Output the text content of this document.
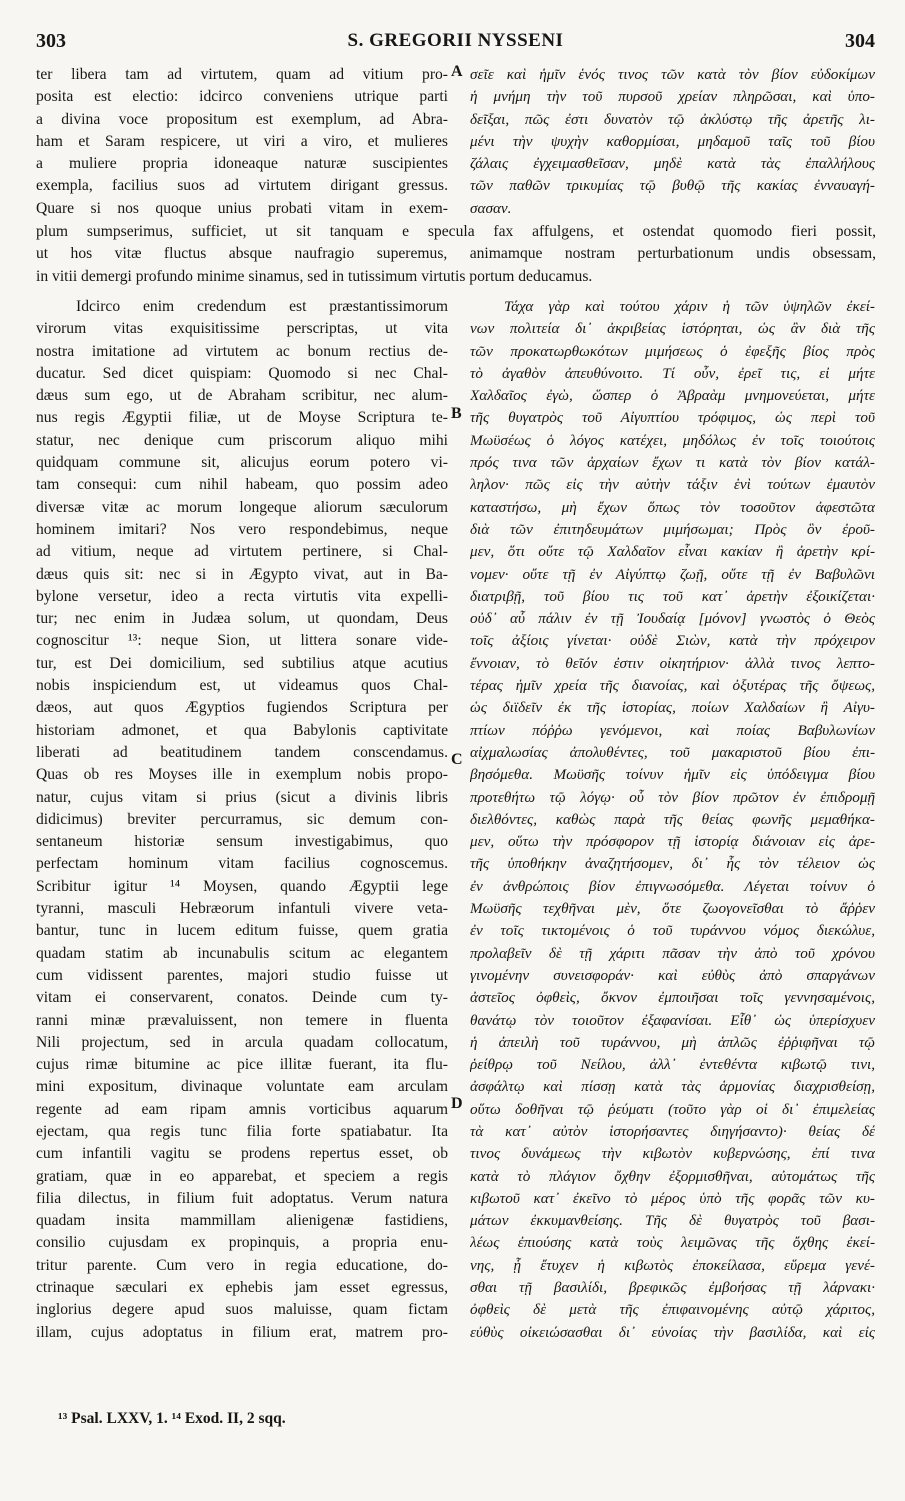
303	S. GREGORII NYSSENI	304
ter libera tam ad virtutem, quam ad vitium pro-
posita est electio: idcirco conveniens utrique parti
a divina voce propositum est exemplum, ad Abra-
ham et Saram respicere, ut viri a viro, et mulieres
a muliere propria idoneaque naturæ suscipientes
exempla, facilius suos ad virtutem dirigant gressus.
Quare si nos quoque unius probati vitam in exem-
σεῖε καὶ ἡμῖν ἑνός τινος τῶν κατὰ τὸν βίον εὐδοκίμων
ἡ μνήμη τὴν τοῦ πυρσοῦ χρείαν πληρῶσαι, καὶ ὑπο-
δεῖξαι, πῶς ἐστι δυνατὸν τῷ ἀκλύστῳ τῆς ἀρετῆς λι-
μένι τὴν ψυχὴν καθορμίσαι, μηδαμοῦ ταῖς τοῦ βίου
ζάλαις ἐγχειμασθεῖσαν, μηδὲ κατὰ τὰς ἐπαλλήλους
τῶν παθῶν τρικυμίας τῷ βυθῷ τῆς κακίας ἐνναυαγή-
σασαν.
plum sumpserimus, sufficiet, ut sit tanquam e specula fax affulgens, et ostendat quomodo fieri possit,
ut hos vitæ fluctus absque naufragio superemus, animamque nostram perturbationum undis obsessam,
in vitii demergi profundo minime sinamus, sed in tutissimum virtutis portum deducamus.
Idcirco enim credendum est præstantissimorum
virorum vitas exquisitissime perscriptas, ut vita
nostra imitatione ad virtutem ac bonum rectius de-
ducatur. Sed dicet quispiam: Quomodo si nec Chal-
dæus sum ego, ut de Abraham scribitur, nec alum-
nus regis Ægyptii filiæ, ut de Moyse Scriptura te-
statur, nec denique cum priscorum aliquo mihi
quidquam commune sit, alicujus eorum potero vi-
tam consequi: cum nihil habeam, quo possim adeo
diversæ vitæ ac morum longeque aliorum sæculorum
hominem imitari? Nos vero respondebimus, neque
ad vitium, neque ad virtutem pertinere, si Chal-
dæus quis sit: nec si in Ægypto vivat, aut in Ba-
bylone versetur, ideo a recta virtutis vita expelli-
tur; nec enim in Judæa solum, ut quondam, Deus
cognoscitur ¹³: neque Sion, ut littera sonare vide-
tur, est Dei domicilium, sed subtilius atque acutius
nobis inspiciendum est, ut videamus quos Chal-
dæos, aut quos Ægyptios fugiendos Scriptura per
historiam admonet, et qua Babylonis captivitate
liberati ad beatitudinem tandem conscendamus.
Quas ob res Moyses ille in exemplum nobis propo-
natur, cujus vitam si prius (sicut a divinis libris
didicimus) breviter percurramus, sic demum con-
sentaneum historiæ sensum investigabimus, quo
perfectam hominum vitam facilius cognoscemus.
Scribitur igitur ¹⁴ Moysen, quando Ægyptii lege
tyranni, masculi Hebræorum infantuli vivere veta-
bantur, tunc in lucem editum fuisse, quem gratia
quadam statim ab incunabulis scitum ac elegantem
cum vidissent parentes, majori studio fuisse ut
vitam ei conservarent, conatos. Deinde cum ty-
ranni minæ prævaluissent, non temere in fluenta
Nili projectum, sed in arcula quadam collocatum,
cujus rimæ bitumine ac pice illitæ fuerant, ita flu-
mini expositum, divinaque voluntate eam arculam
regente ad eam ripam amnis vorticibus aquarum
ejectam, qua regis tunc filia forte spatiabatur. Ita
cum infantili vagitu se prodens repertus esset, ob
gratiam, quæ in eo apparebat, et speciem a regis
filia dilectus, in filium fuit adoptatus. Verum natura
quadam insita mammillam alienigenæ fastidiens,
consilio cujusdam ex propinquis, a propria enu-
tritur parente. Cum vero in regia educatione, do-
ctrinaque sæculari ex ephebis jam esset egressus,
inglorius degere apud suos maluisse, quam fictam
illam, cujus adoptatus in filium erat, matrem pro-
Τάχα γὰρ καὶ τούτου χάριν ἡ τῶν ὑψηλῶν ἐκεί-
νων πολιτεία δι᾽ ἀκριβείας ἱστόρηται, ὡς ἂν διὰ τῆς
τῶν προκατωρθωκότων μιμήσεως ὁ ἐφεξῆς βίος πρὸς
τὸ ἀγαθὸν ἀπευθύνοιτο. Τί οὖν, ἐρεῖ τις, εἰ μήτε
Χαλδαῖος ἐγὼ, ὥσπερ ὁ Ἀβραὰμ μνημονεύεται, μήτε
τῆς θυγατρὸς τοῦ Αἰγυπτίου τρόφιμος, ὡς περὶ τοῦ
Μωϋσέως ὁ λόγος κατέχει, μηδόλως ἐν τοῖς τοιούτοις
πρός τινα τῶν ἀρχαίων ἔχων τι κατὰ τὸν βίον κατάλ-
ληλον· πῶς εἰς τὴν αὐτὴν τάξιν ἑνὶ τούτων ἐμαυτὸν
καταστήσω, μὴ ἔχων ὅπως τὸν τοσοῦτον ἀφεστῶτα
διὰ τῶν ἐπιτηδευμάτων μιμήσωμαι; Πρὸς ὃν ἐροῦ-
μεν, ὅτι οὔτε τῷ Χαλδαῖον εἶναι κακίαν ἢ ἀρετὴν κρί-
νομεν· οὔτε τῇ ἐν Αἰγύπτῳ ζωῇ, οὔτε τῇ ἐν Βαβυλῶνι
διατριβῇ, τοῦ βίου τις τοῦ κατ᾽ ἀρετὴν ἐξοικίζεται·
οὐδ᾽ αὖ πάλιν ἐν τῇ Ἰουδαίᾳ [μόνον] γνωστὸς ὁ Θεὸς
τοῖς ἀξίοις γίνεται· οὐδὲ Σιὼν, κατὰ τὴν πρόχειρον
ἔννοιαν, τὸ θεῖόν ἐστιν οἰκητήριον· ἀλλὰ τινος λεπτο-
τέρας ἡμῖν χρεία τῆς διανοίας, καὶ ὀξυτέρας τῆς ὄψεως,
ὡς διϊδεῖν ἐκ τῆς ἱστορίας, ποίων Χαλδαίων ἢ Αἰγυ-
πτίων πόῤῥω γενόμενοι, καὶ ποίας Βαβυλωνίων
αἰχμαλωσίας ἀπολυθέντες, τοῦ μακαριστοῦ βίου ἐπι-
βησόμεθα. Μωϋσῆς τοίνυν ἡμῖν εἰς ὑπόδειγμα βίου
προτεθήτω τῷ λόγῳ· οὗ τὸν βίον πρῶτον ἐν ἐπιδρομῇ
διελθόντες, καθὼς παρὰ τῆς θείας φωνῆς μεμαθήκα-
μεν, οὕτω τὴν πρόσφορον τῇ ἱστορίᾳ διάνοιαν εἰς ἀρε-
τῆς ὑποθήκην ἀναζητήσομεν, δι᾽ ἧς τὸν τέλειον ὡς
ἐν ἀνθρώποις βίον ἐπιγνωσόμεθα. Λέγεται τοίνυν ὁ
Μωϋσῆς τεχθῆναι μὲν, ὅτε ζωογονεῖσθαι τὸ ἄῤῥεν
ἐν τοῖς τικτομένοις ὁ τοῦ τυράννου νόμος διεκώλυε,
προλαβεῖν δὲ τῇ χάριτι πᾶσαν τὴν ἀπὸ τοῦ χρόνου
γινομένην συνεισφοράν· καὶ εὐθὺς ἀπὸ σπαργάνων
ἀστεῖος ὀφθεὶς, ὄκνον ἐμποιῆσαι τοῖς γεννησαμένοις,
θανάτῳ τὸν τοιοῦτον ἐξαφανίσαι. Εἶθ᾽ ὡς ὑπερίσχυεν
ἡ ἀπειλὴ τοῦ τυράννου, μὴ ἁπλῶς ἐῤῥιφῆναι τῷ
ῥείθρῳ τοῦ Νείλου, ἀλλ᾽ ἐντεθέντα κιβωτῷ τινι,
ἀσφάλτῳ καὶ πίσσῃ κατὰ τὰς ἁρμονίας διαχρισθείσῃ,
οὕτω δοθῆναι τῷ ῥεύματι (τοῦτο γὰρ οἱ δι᾽ ἐπιμελείας
τὰ κατ᾽ αὐτὸν ἱστορήσαντες διηγήσαντο)· θείας δέ
τινος δυνάμεως τὴν κιβωτὸν κυβερνώσης, ἐπί τινα
κατὰ τὸ πλάγιον ὄχθην ἐξορμισθῆναι, αὐτομάτως τῆς
κιβωτοῦ κατ᾽ ἐκεῖνο τὸ μέρος ὑπὸ τῆς φορᾶς τῶν κυ-
μάτων ἐκκυμανθείσης. Τῆς δὲ θυγατρὸς τοῦ βασι-
λέως ἐπιούσης κατὰ τοὺς λειμῶνας τῆς ὄχθης ἐκεί-
νης, ᾗ ἔτυχεν ἡ κιβωτὸς ἐποκείλασα, εὕρεμα γενέ-
σθαι τῇ βασιλίδι, βρεφικῶς ἐμβοήσας τῇ λάρνακι·
ὀφθεὶς δὲ μετὰ τῆς ἐπιφαινομένης αὐτῷ χάριτος,
εὐθὺς οἰκειώσασθαι δι᾽ εὐνοίας τὴν βασιλίδα, καὶ εἰς
A
B
C
D
¹³ Psal. LXXV, 1. ¹⁴ Exod. II, 2 sqq.
